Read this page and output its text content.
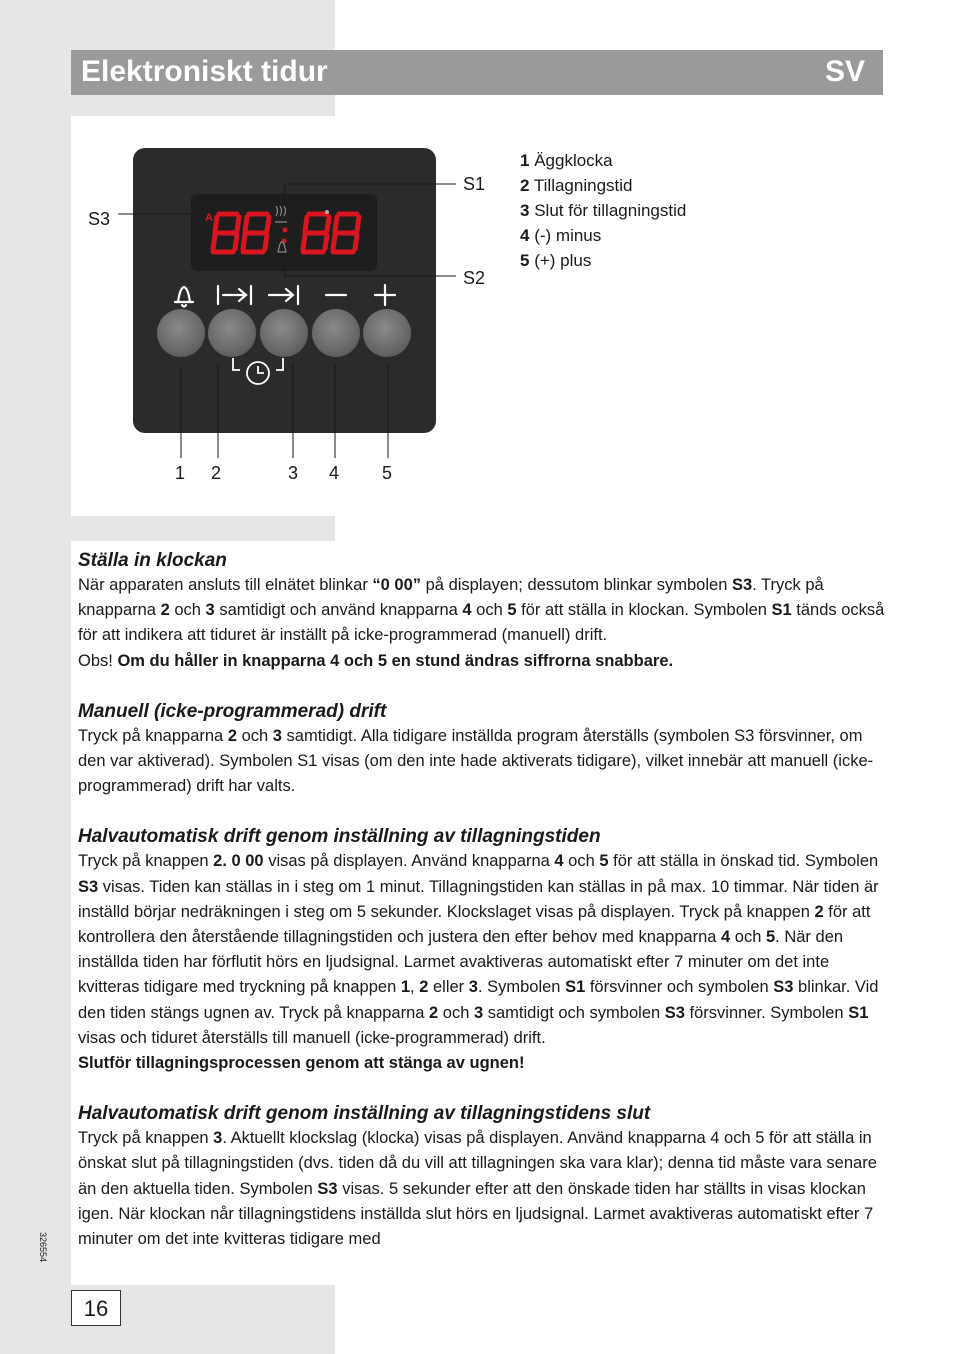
Elektroniskt tidur	SV
A
S3
S1
S2
1 2	3 4 5
1 Äggklocka
2 Tillagningstid
3 Slut för tillagningstid
4 (-) minus
5 (+) plus
Ställa in klockan

När apparaten ansluts till elnätet blinkar “0 00” på displayen; dessutom blinkar symbolen S3. Tryck på knapparna 2 och 3 samtidigt och använd knapparna 4 och 5 för att ställa in klockan. Symbolen S1 tänds också för att indikera att tiduret är inställt på icke-programmerad (manuell) drift.

Obs! Om du håller in knapparna 4 och 5 en stund ändras siffrorna snabbare.

Manuell (icke-programmerad) drift

Tryck på knapparna 2 och 3 samtidigt. Alla tidigare inställda program återställs (symbolen S3 försvinner, om den var aktiverad). Symbolen S1 visas (om den inte hade aktiverats tidigare), vilket innebär att manuell (icke-programmerad) drift har valts.

Halvautomatisk drift genom inställning av tillagningstiden

Tryck på knappen 2. 0 00 visas på displayen. Använd knapparna 4 och 5 för att ställa in önskad tid. Symbolen S3 visas. Tiden kan ställas in i steg om 1 minut. Tillagningstiden kan ställas in på max. 10 timmar. När tiden är inställd börjar nedräkningen i steg om 5 sekunder. Klockslaget visas på displayen. Tryck på knappen 2 för att kontrollera den återstående tillagningstiden och justera den efter behov med knapparna 4 och 5. När den inställda tiden har förflutit hörs en ljudsignal. Larmet avaktiveras automatiskt efter 7 minuter om det inte kvitteras tidigare med tryckning på knappen 1, 2 eller 3. Symbolen S1 försvinner och symbolen S3 blinkar. Vid den tiden stängs ugnen av. Tryck på knapparna 2 och 3 samtidigt och symbolen S3 försvinner. Symbolen S1 visas och tiduret återställs till manuell (icke-programmerad) drift.

Slutför tillagningsprocessen genom att stänga av ugnen!

Halvautomatisk drift genom inställning av tillagningstidens slut

Tryck på knappen 3. Aktuellt klockslag (klocka) visas på displayen. Använd knapparna 4 och 5 för att ställa in önskat slut på tillagningstiden (dvs. tiden då du vill att tillagningen ska vara klar); denna tid måste vara senare än den aktuella tiden. Symbolen S3 visas. 5 sekunder efter att den önskade tiden har ställts in visas klockan igen. När klockan når tillagningstidens inställda slut hörs en ljudsignal. Larmet avaktiveras automatiskt efter 7 minuter om det inte kvitteras tidigare med

326554
16
